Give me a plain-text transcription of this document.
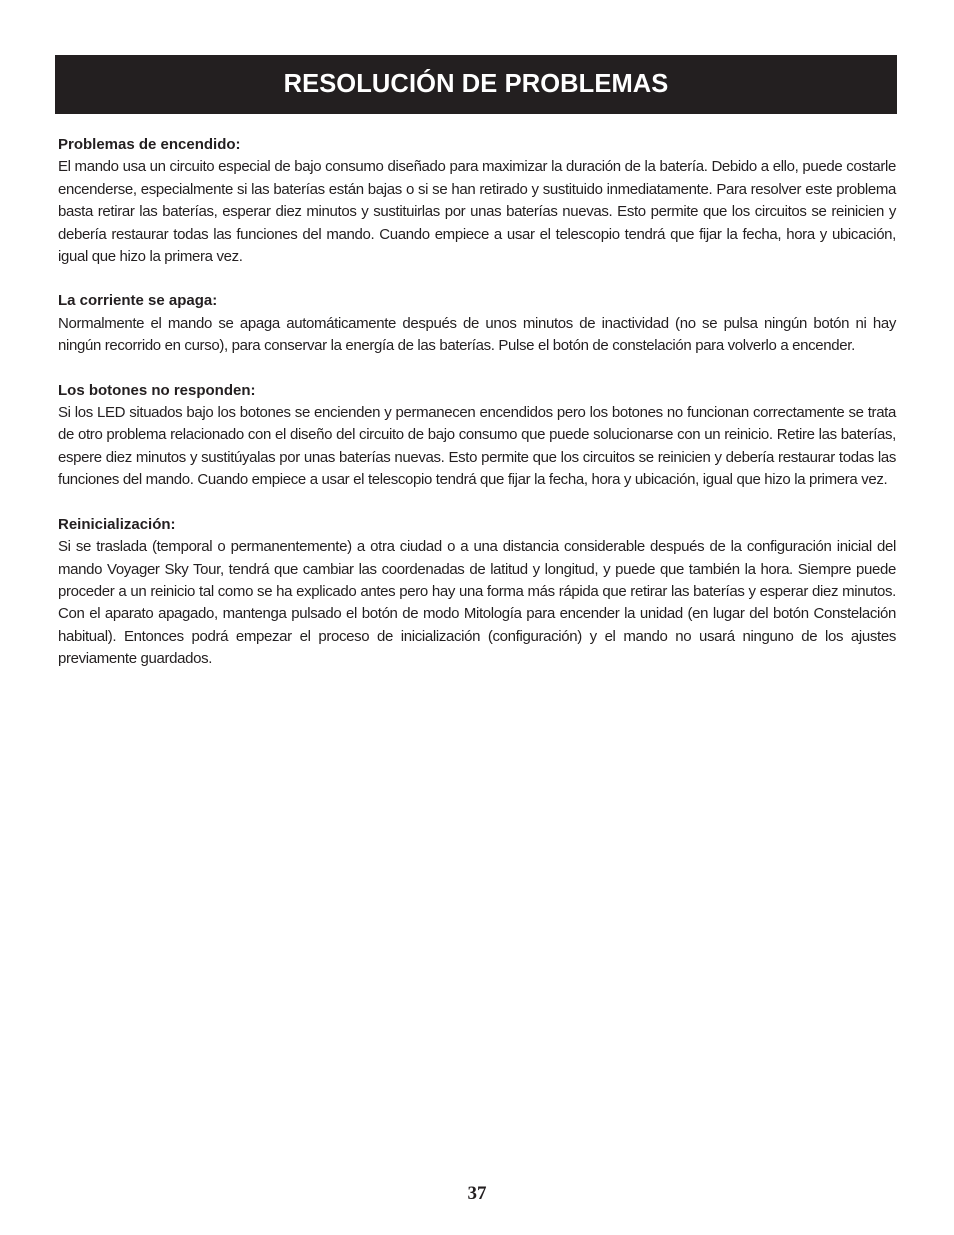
RESOLUCIÓN DE PROBLEMAS
Problemas de encendido:

El mando usa un circuito especial de bajo consumo diseñado para maximizar la duración de la batería. Debido a ello, puede costarle encenderse, especialmente si las baterías están bajas o si se han retirado y sustituido inmediatamente. Para resolver este problema basta retirar las baterías, esperar diez minutos y sustituirlas por unas baterías nuevas. Esto permite que los circuitos se reinicien y debería restaurar todas las funciones del mando. Cuando empiece a usar el telescopio tendrá que fijar la fecha, hora y ubicación, igual que hizo la primera vez.

La corriente se apaga:

Normalmente el mando se apaga automáticamente después de unos minutos de inactividad (no se pulsa ningún botón ni hay ningún recorrido en curso), para conservar la energía de las baterías. Pulse el botón de constelación para volverlo a encender.

Los botones no responden:

Si los LED situados bajo los botones se encienden y permanecen encendidos pero los botones no funcionan correctamente se trata de otro problema relacionado con el diseño del circuito de bajo consumo que puede solucionarse con un reinicio. Retire las baterías, espere diez minutos y sustitúyalas por unas baterías nuevas. Esto permite que los circuitos se reinicien y debería restaurar todas las funciones del mando. Cuando empiece a usar el telescopio tendrá que fijar la fecha, hora y ubicación, igual que hizo la primera vez.

Reinicialización:

Si se traslada (temporal o permanentemente) a otra ciudad o a una distancia considerable después de la configuración inicial del mando Voyager Sky Tour, tendrá que cambiar las coordenadas de latitud y longitud, y puede que también la hora. Siempre puede proceder a un reinicio tal como se ha explicado antes pero hay una forma más rápida que retirar las baterías y esperar diez minutos. Con el aparato apagado, mantenga pulsado el botón de modo Mitología para encender la unidad (en lugar del botón Constelación habitual). Entonces podrá empezar el proceso de inicialización (configuración) y el mando no usará ninguno de los ajustes previamente guardados.

37
